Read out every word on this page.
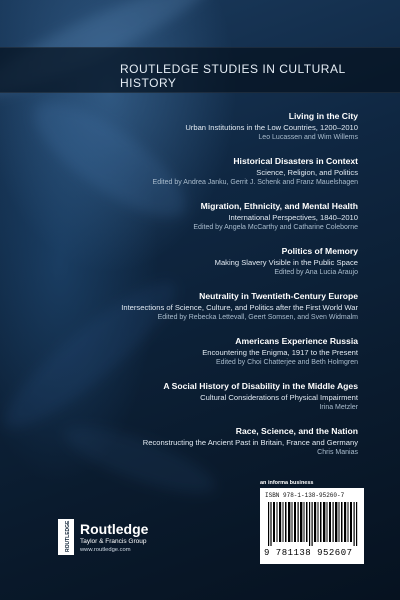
ROUTLEDGE STUDIES IN CULTURAL HISTORY
Living in the City
Urban Institutions in the Low Countries, 1200–2010
Leo Lucassen and Wim Willems
Historical Disasters in Context
Science, Religion, and Politics
Edited by Andrea Janku, Gerrit J. Schenk and Franz Mauelshagen
Migration, Ethnicity, and Mental Health
International Perspectives, 1840–2010
Edited by Angela McCarthy and Catharine Coleborne
Politics of Memory
Making Slavery Visible in the Public Space
Edited by Ana Lucia Araujo
Neutrality in Twentieth-Century Europe
Intersections of Science, Culture, and Politics after the First World War
Edited by Rebecka Lettevall, Geert Somsen, and Sven Widmalm
Americans Experience Russia
Encountering the Enigma, 1917 to the Present
Edited by Choi Chatterjee and Beth Holmgren
A Social History of Disability in the Middle Ages
Cultural Considerations of Physical Impairment
Irina Metzler
Race, Science, and the Nation
Reconstructing the Ancient Past in Britain, France and Germany
Chris Manias
ROUTLEDGE Routledge
Taylor & Francis Group
www.routledge.com
an informa business
ISBN 978-1-138-95260-7
9 781138 952607
